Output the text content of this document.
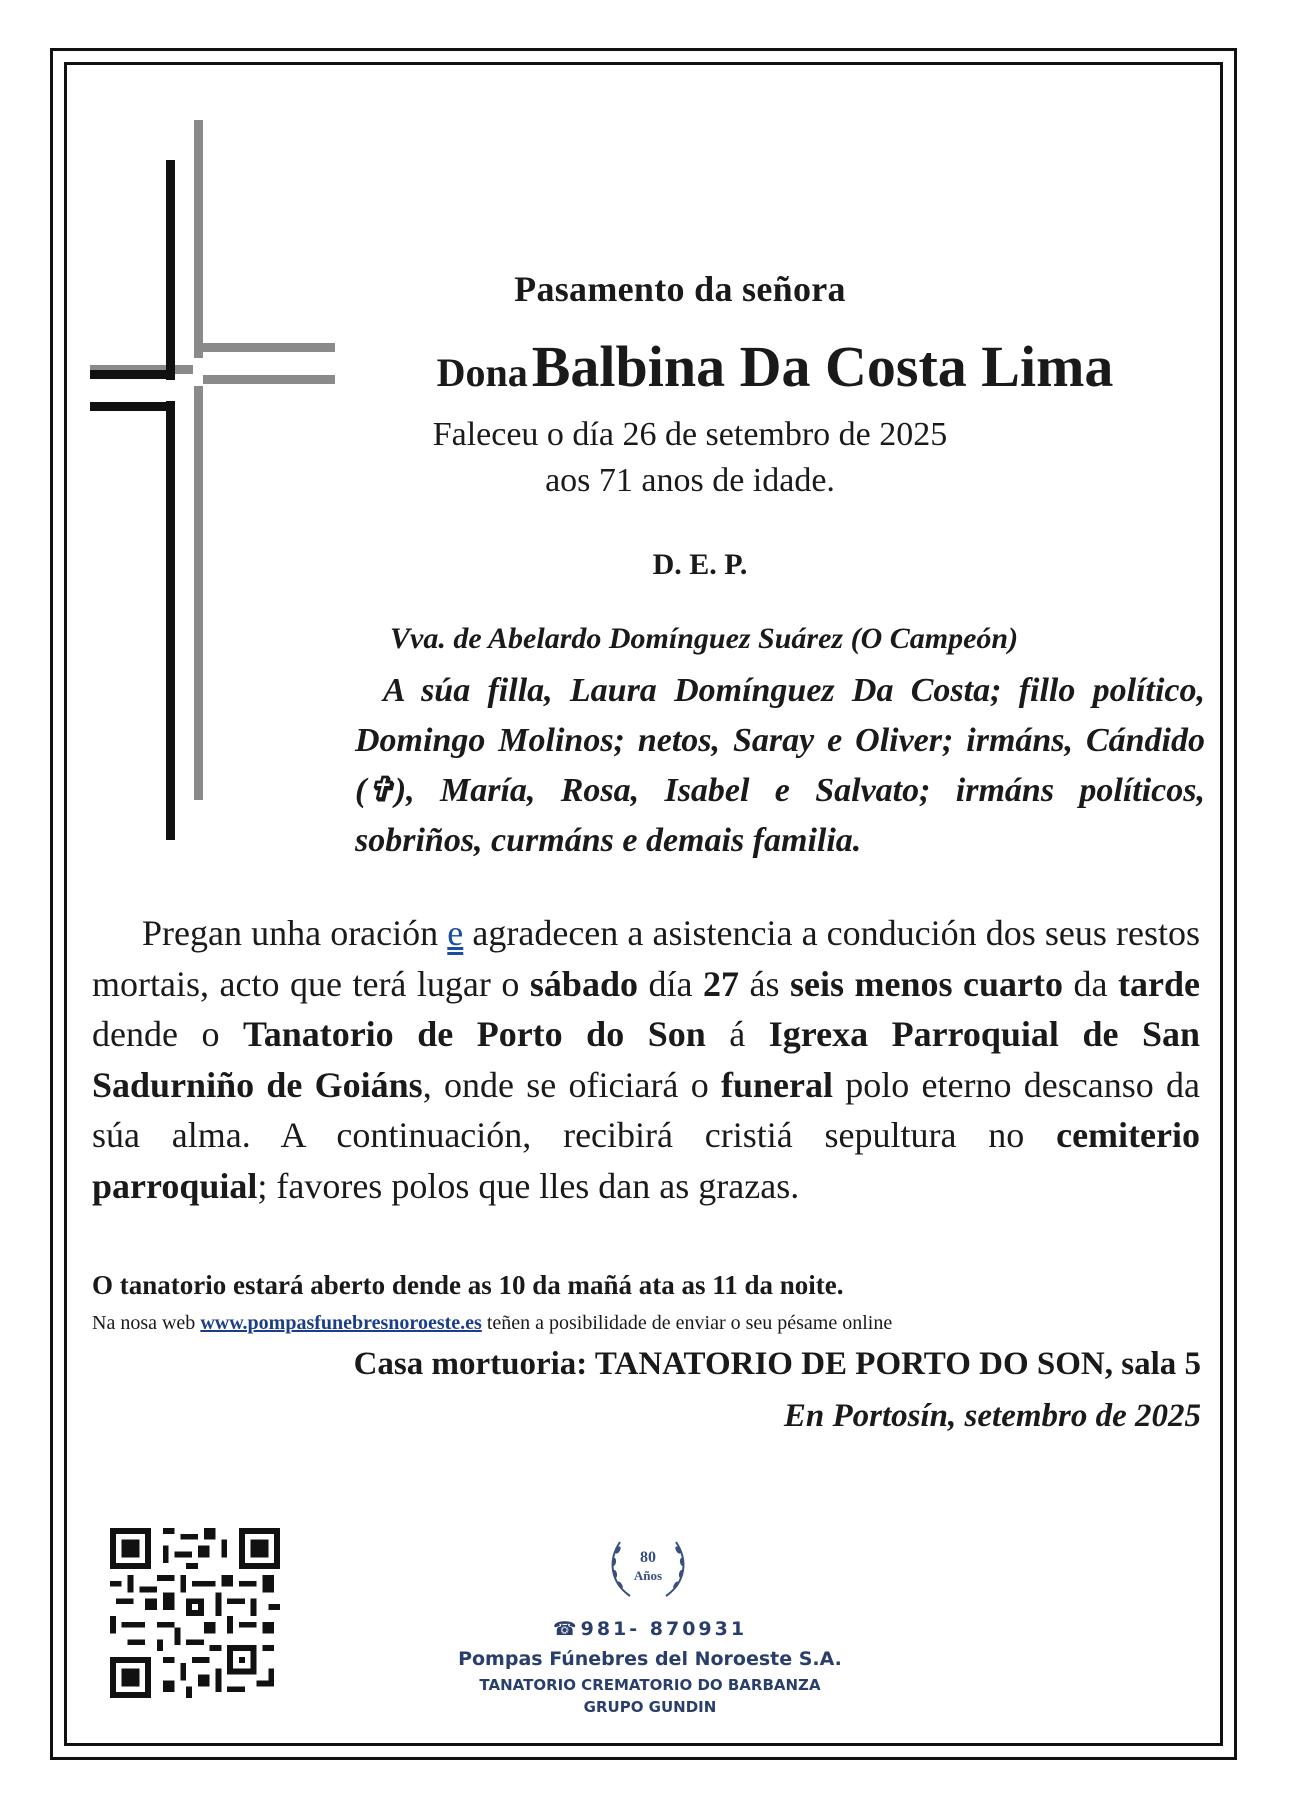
Pasamento da señora
Dona Balbina Da Costa Lima
Faleceu o día 26 de setembro de 2025
aos 71 anos de idade.
D. E. P.
Vva. de Abelardo Domínguez Suárez (O Campeón)
A súa filla, Laura Domínguez Da Costa; fillo político, Domingo Molinos; netos, Saray e Oliver; irmáns, Cándido (✞), María, Rosa, Isabel e Salvato; irmáns políticos, sobriños, curmáns e demais familia.
Pregan unha oración e agradecen a asistencia a condución dos seus restos mortais, acto que terá lugar o sábado día 27 ás seis menos cuarto da tarde dende o Tanatorio de Porto do Son á Igrexa Parroquial de San Sadurniño de Goiáns, onde se oficiará o funeral polo eterno descanso da súa alma. A continuación, recibirá cristiá sepultura no cemiterio parroquial; favores polos que lles dan as grazas.
O tanatorio estará aberto dende as 10 da mañá ata as 11 da noite.
Na nosa web www.pompasfunebresnoroeste.es teñen a posibilidade de enviar o seu pésame online
Casa mortuoria: TANATORIO DE PORTO DO SON, sala 5
En Portosín, setembro de 2025
80
Años
☎ 981- 870931
Pompas Fúnebres del Noroeste S.A.
TANATORIO CREMATORIO DO BARBANZA
GRUPO GUNDIN
